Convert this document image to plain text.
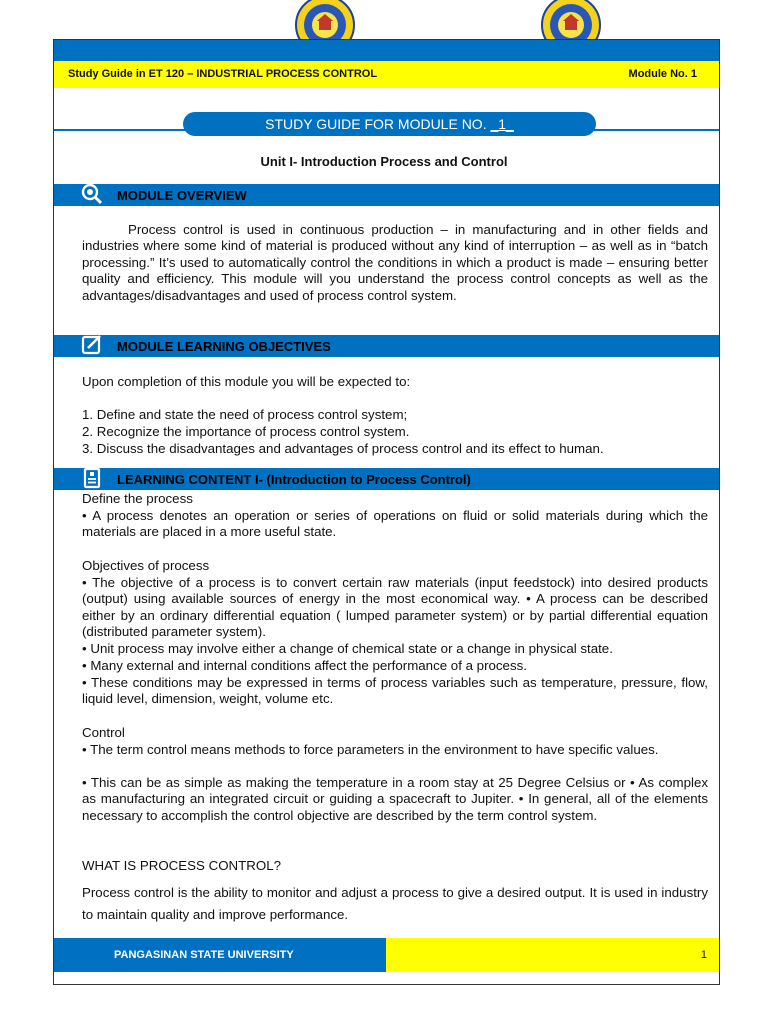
Study Guide in ET 120 – INDUSTRIAL PROCESS CONTROL	Module No. 1
STUDY GUIDE FOR MODULE NO. _1_
Unit I- Introduction Process and Control
MODULE OVERVIEW
Process control is used in continuous production – in manufacturing and in other fields and industries where some kind of material is produced without any kind of interruption – as well as in “batch processing.” It’s used to automatically control the conditions in which a product is made – ensuring better quality and efficiency. This module will you understand the process control concepts as well as the advantages/disadvantages and used of process control system.
MODULE LEARNING OBJECTIVES
Upon completion of this module you will be expected to:
1. Define and state the need of process control system;
2. Recognize the importance of process control system.
3. Discuss the disadvantages and advantages of process control and its effect to human.
LEARNING CONTENT I- (Introduction to Process Control)
Define the process
• A process denotes an operation or series of operations on fluid or solid materials during which the materials are placed in a more useful state.
Objectives of process
• The objective of a process is to convert certain raw materials (input feedstock) into desired products (output) using available sources of energy in the most economical way. • A process can be described either by an ordinary differential equation ( lumped parameter system) or by partial differential equation (distributed parameter system).
• Unit process may involve either a change of chemical state or a change in physical state.
• Many external and internal conditions affect the performance of a process.
• These conditions may be expressed in terms of process variables such as temperature, pressure, flow, liquid level, dimension, weight, volume etc.
Control
• The term control means methods to force parameters in the environment to have specific values.
• This can be as simple as making the temperature in a room stay at 25 Degree Celsius or • As complex as manufacturing an integrated circuit or guiding a spacecraft to Jupiter. • In general, all of the elements necessary to accomplish the control objective are described by the term control system.
WHAT IS PROCESS CONTROL?
Process control is the ability to monitor and adjust a process to give a desired output. It is used in industry to maintain quality and improve performance.
PANGASINAN STATE UNIVERSITY	1
